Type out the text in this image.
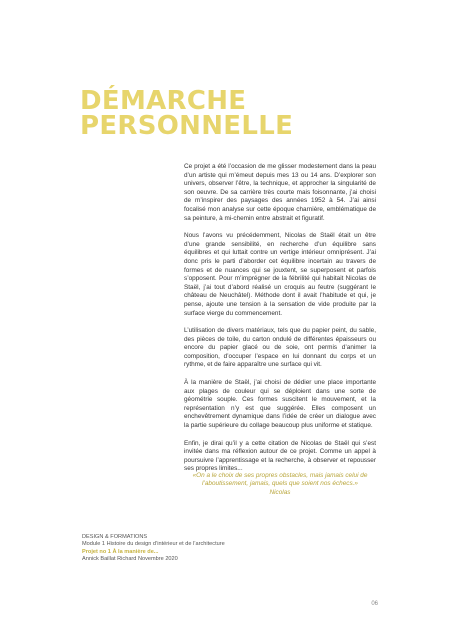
DÉMARCHE
PERSONNELLE

Ce projet a été l’occasion de me glisser modestement dans la peau d’un artiste qui m’émeut depuis mes 13 ou 14 ans. D’explorer son univers, observer l’être, la technique, et approcher la singularité de son oeuvre. De sa carrière très courte mais foisonnante, j’ai choisi de m’inspirer des paysages des années 1952 à 54. J’ai ainsi focalisé mon analyse sur cette époque charnière, emblématique de sa peinture, à mi-chemin entre abstrait et figuratif.

Nous l’avons vu précédemment, Nicolas de Staël était un être d’une grande sensibilité, en recherche d’un équilibre sans équilibres et qui luttait contre un vertige intérieur omniprésent. J’ai donc pris le parti d’aborder cet équilibre incertain au travers de formes et de nuances qui se jouxtent, se superposent et parfois s’opposent. Pour m’imprégner de la fébrilité qui habitait Nicolas de Staël, j’ai tout d’abord réalisé un croquis au feutre (suggérant le château de Neuchâtel). Méthode dont il avait l’habitude et qui, je pense, ajoute une tension à la sensation de vide produite par la surface vierge du commencement.

L’utilisation de divers matériaux, tels que du papier peint, du sable, des pièces de toile, du carton ondulé de différentes épaisseurs ou encore du papier glacé ou de soie, ont permis d’animer la composition, d’occuper l’espace en lui donnant du corps et un rythme, et de faire apparaître une surface qui vit.

À la manière de Staël, j’ai choisi de dédier une place importante aux plages de couleur qui se déploient dans une sorte de géométrie souple. Ces formes suscitent le mouvement, et la représentation n’y est que suggérée. Elles composent un enchevêtrement dynamique dans l’idée de créer un dialogue avec la partie supérieure du collage beaucoup plus uniforme et statique.

Enfin, je dirai qu’il y a cette citation de Nicolas de Staël qui s’est invitée dans ma réflexion autour de ce projet. Comme un appel à poursuivre l’apprentissage et la recherche, à observer et repousser ses propres limites...

«On a le choix de ses propres obstacles, mais jamais celui de l’aboutissement, jamais, quels que soient nos échecs.»
Nicolas
DESIGN & FORMATIONS
Module 1 Histoire du design d’intérieur et de l’architecture
Projet no 1 À la manière de...
Annick Baillat Richard Novembre 2020
06
